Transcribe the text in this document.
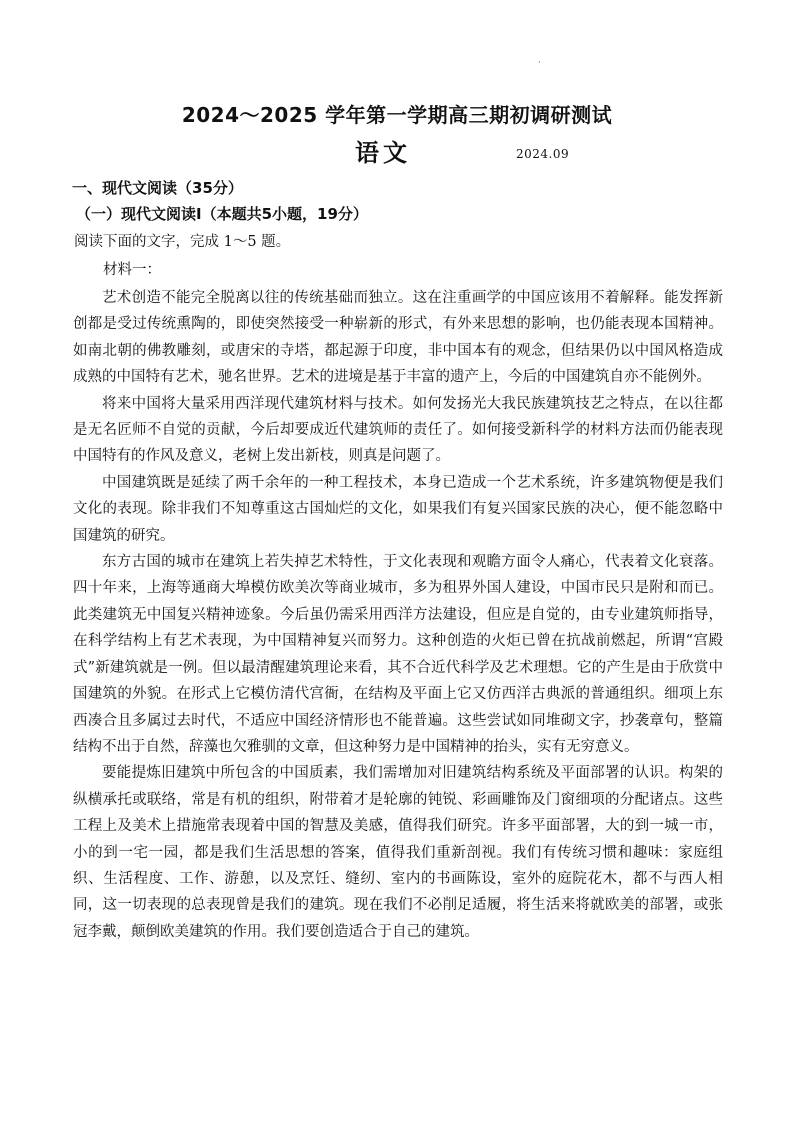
·
2024～2025 学年第一学期高三期初调研测试
语文	2024.09
一、现代文阅读（35分）
（一）现代文阅读Ⅰ（本题共5小题，19分）
阅读下面的文字，完成 1～5 题。
材料一：

艺术创造不能完全脱离以往的传统基础而独立。这在注重画学的中国应该用不着解释。能发挥新创都是受过传统熏陶的，即使突然接受一种崭新的形式，有外来思想的影响，也仍能表现本国精神。如南北朝的佛教雕刻，或唐宋的寺塔，都起源于印度，非中国本有的观念，但结果仍以中国风格造成成熟的中国特有艺术，驰名世界。艺术的进境是基于丰富的遗产上，今后的中国建筑自亦不能例外。

将来中国将大量采用西洋现代建筑材料与技术。如何发扬光大我民族建筑技艺之特点，在以往都是无名匠师不自觉的贡献，今后却要成近代建筑师的责任了。如何接受新科学的材料方法而仍能表现中国特有的作风及意义，老树上发出新枝，则真是问题了。

中国建筑既是延续了两千余年的一种工程技术，本身已造成一个艺术系统，许多建筑物便是我们文化的表现。除非我们不知尊重这古国灿烂的文化，如果我们有复兴国家民族的决心，便不能忽略中国建筑的研究。

东方古国的城市在建筑上若失掉艺术特性，于文化表现和观瞻方面令人痛心，代表着文化衰落。四十年来，上海等通商大埠模仿欧美次等商业城市，多为租界外国人建设，中国市民只是附和而已。此类建筑无中国复兴精神迹象。今后虽仍需采用西洋方法建设，但应是自觉的，由专业建筑师指导，在科学结构上有艺术表现，为中国精神复兴而努力。这种创造的火炬已曾在抗战前燃起，所谓“宫殿式”新建筑就是一例。但以最清醒建筑理论来看，其不合近代科学及艺术理想。它的产生是由于欣赏中国建筑的外貌。在形式上它模仿清代宫衙，在结构及平面上它又仿西洋古典派的普通组织。细项上东西凑合且多属过去时代，不适应中国经济情形也不能普遍。这些尝试如同堆砌文字，抄袭章句，整篇结构不出于自然，辞藻也欠雅驯的文章，但这种努力是中国精神的抬头，实有无穷意义。

要能提炼旧建筑中所包含的中国质素，我们需增加对旧建筑结构系统及平面部署的认识。构架的纵横承托或联络，常是有机的组织，附带着才是轮廓的钝锐、彩画雕饰及门窗细项的分配诸点。这些工程上及美术上措施常表现着中国的智慧及美感，值得我们研究。许多平面部署，大的到一城一市，小的到一宅一园，都是我们生活思想的答案，值得我们重新剖视。我们有传统习惯和趣味：家庭组织、生活程度、工作、游憩，以及烹饪、缝纫、室内的书画陈设，室外的庭院花木，都不与西人相同，这一切表现的总表现曾是我们的建筑。现在我们不必削足适履，将生活来将就欧美的部署，或张冠李戴，颠倒欧美建筑的作用。我们要创造适合于自己的建筑。
